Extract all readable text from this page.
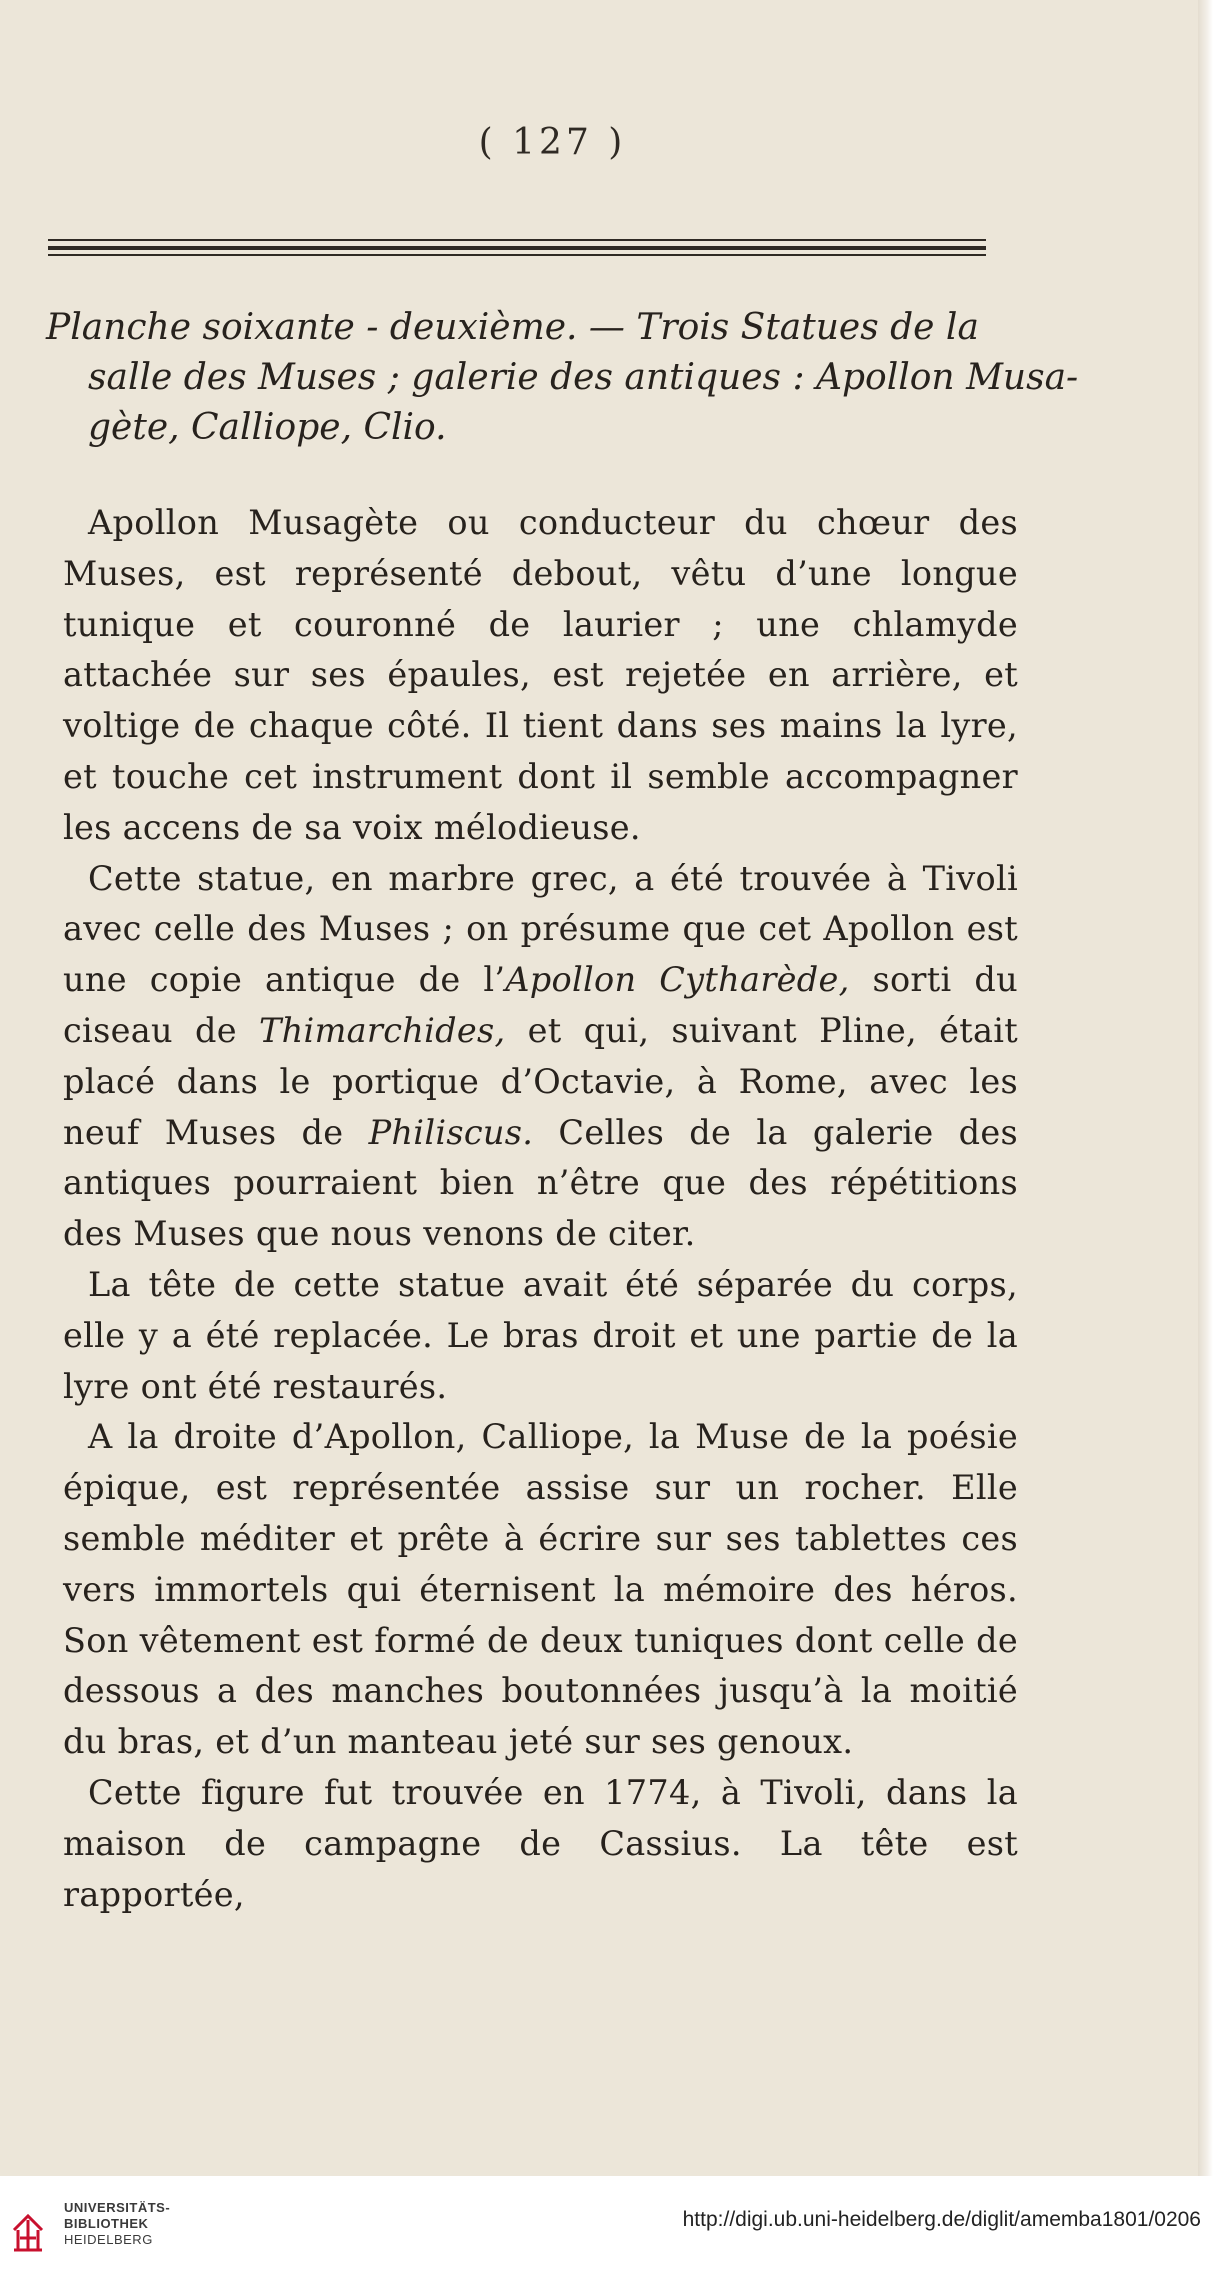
( 127 )
Planche soixante - deuxième. — Trois Statues de la
salle des Muses ; galerie des antiques : Apollon Musa-
gète, Calliope, Clio.

Apollon Musagète ou conducteur du chœur des Muses, est représenté debout, vêtu d’une longue tunique et couronné de laurier ; une chlamyde attachée sur ses épaules, est rejetée en arrière, et voltige de chaque côté. Il tient dans ses mains la lyre, et touche cet instrument dont il semble accompagner les accens de sa voix mélodieuse.

Cette statue, en marbre grec, a été trouvée à Tivoli avec celle des Muses ; on présume que cet Apollon est une copie antique de l’Apollon Cytharède, sorti du ciseau de Thimarchides, et qui, suivant Pline, était placé dans le portique d’Octavie, à Rome, avec les neuf Muses de Philiscus. Celles de la galerie des antiques pourraient bien n’être que des répétitions des Muses que nous venons de citer.

La tête de cette statue avait été séparée du corps, elle y a été replacée. Le bras droit et une partie de la lyre ont été restaurés.

A la droite d’Apollon, Calliope, la Muse de la poésie épique, est représentée assise sur un rocher. Elle semble méditer et prête à écrire sur ses tablettes ces vers immortels qui éternisent la mémoire des héros. Son vêtement est formé de deux tuniques dont celle de dessous a des manches boutonnées jusqu’à la moitié du bras, et d’un manteau jeté sur ses genoux.

Cette figure fut trouvée en 1774, à Tivoli, dans la maison de campagne de Cassius. La tête est rapportée,

UNIVERSITÄTS-
BIBLIOTHEK
HEIDELBERG
http://digi.ub.uni-heidelberg.de/diglit/amemba1801/0206
